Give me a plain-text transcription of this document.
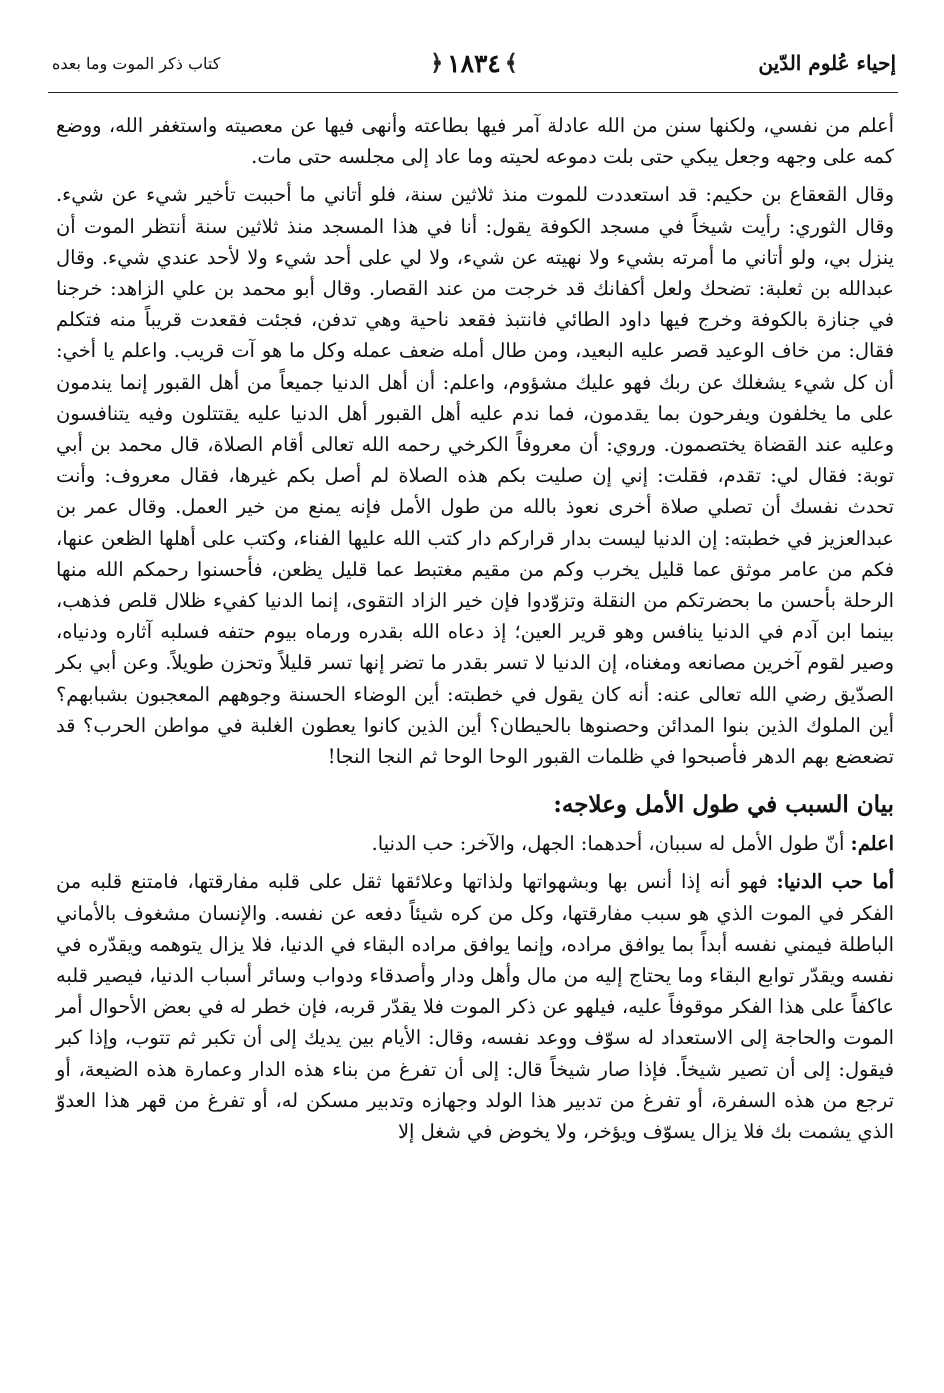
كتاب ذكر الموت وما بعده	﴿ ١٨٣٤ ﴾	إحياء عُلوم الدّين

أعلم من نفسي، ولكنها سنن من الله عادلة آمر فيها بطاعته وأنهى فيها عن معصيته واستغفر الله، ووضع كمه على وجهه وجعل يبكي حتى بلت دموعه لحيته وما عاد إلى مجلسه حتى مات.

وقال القعقاع بن حكيم: قد استعددت للموت منذ ثلاثين سنة، فلو أتاني ما أحببت تأخير شيء عن شيء. وقال الثوري: رأيت شيخاً في مسجد الكوفة يقول: أنا في هذا المسجد منذ ثلاثين سنة أنتظر الموت أن ينزل بي، ولو أتاني ما أمرته بشيء ولا نهيته عن شيء، ولا لي على أحد شيء ولا لأحد عندي شيء. وقال عبدالله بن ثعلبة: تضحك ولعل أكفانك قد خرجت من عند القصار. وقال أبو محمد بن علي الزاهد: خرجنا في جنازة بالكوفة وخرج فيها داود الطائي فانتبذ فقعد ناحية وهي تدفن، فجئت فقعدت قريباً منه فتكلم فقال: من خاف الوعيد قصر عليه البعيد، ومن طال أمله ضعف عمله وكل ما هو آت قريب. واعلم يا أخي: أن كل شيء يشغلك عن ربك فهو عليك مشؤوم، واعلم: أن أهل الدنيا جميعاً من أهل القبور إنما يندمون على ما يخلفون ويفرحون بما يقدمون، فما ندم عليه أهل القبور أهل الدنيا عليه يقتتلون وفيه يتنافسون وعليه عند القضاة يختصمون. وروي: أن معروفاً الكرخي رحمه الله تعالى أقام الصلاة، قال محمد بن أبي توبة: فقال لي: تقدم، فقلت: إني إن صليت بكم هذه الصلاة لم أصل بكم غيرها، فقال معروف: وأنت تحدث نفسك أن تصلي صلاة أخرى نعوذ بالله من طول الأمل فإنه يمنع من خير العمل. وقال عمر بن عبدالعزيز في خطبته: إن الدنيا ليست بدار قراركم دار كتب الله عليها الفناء، وكتب على أهلها الظعن عنها، فكم من عامر موثق عما قليل يخرب وكم من مقيم مغتبط عما قليل يظعن، فأحسنوا رحمكم الله منها الرحلة بأحسن ما بحضرتكم من النقلة وتزوّدوا فإن خير الزاد التقوى، إنما الدنيا كفيء ظلال قلص فذهب، بينما ابن آدم في الدنيا ينافس وهو قرير العين؛ إذ دعاه الله بقدره ورماه بيوم حتفه فسلبه آثاره ودنياه، وصير لقوم آخرين مصانعه ومغناه، إن الدنيا لا تسر بقدر ما تضر إنها تسر قليلاً وتحزن طويلاً. وعن أبي بكر الصدّيق رضي الله تعالى عنه: أنه كان يقول في خطبته: أين الوضاء الحسنة وجوههم المعجبون بشبابهم؟ أين الملوك الذين بنوا المدائن وحصنوها بالحيطان؟ أين الذين كانوا يعطون الغلبة في مواطن الحرب؟ قد تضعضع بهم الدهر فأصبحوا في ظلمات القبور الوحا الوحا ثم النجا النجا!

بيان السبب في طول الأمل وعلاجه:

اعلم: أنّ طول الأمل له سببان، أحدهما: الجهل، والآخر: حب الدنيا.

أما حب الدنيا: فهو أنه إذا أنس بها وبشهواتها ولذاتها وعلائقها ثقل على قلبه مفارقتها، فامتنع قلبه من الفكر في الموت الذي هو سبب مفارقتها، وكل من كره شيئاً دفعه عن نفسه. والإنسان مشغوف بالأماني الباطلة فيمني نفسه أبداً بما يوافق مراده، وإنما يوافق مراده البقاء في الدنيا، فلا يزال يتوهمه ويقدّره في نفسه ويقدّر توابع البقاء وما يحتاج إليه من مال وأهل ودار وأصدقاء ودواب وسائر أسباب الدنيا، فيصير قلبه عاكفاً على هذا الفكر موقوفاً عليه، فيلهو عن ذكر الموت فلا يقدّر قربه، فإن خطر له في بعض الأحوال أمر الموت والحاجة إلى الاستعداد له سوّف ووعد نفسه، وقال: الأيام بين يديك إلى أن تكبر ثم تتوب، وإذا كبر فيقول: إلى أن تصير شيخاً. فإذا صار شيخاً قال: إلى أن تفرغ من بناء هذه الدار وعمارة هذه الضيعة، أو ترجع من هذه السفرة، أو تفرغ من تدبير هذا الولد وجهازه وتدبير مسكن له، أو تفرغ من قهر هذا العدوّ الذي يشمت بك فلا يزال يسوّف ويؤخر، ولا يخوض في شغل إلا
